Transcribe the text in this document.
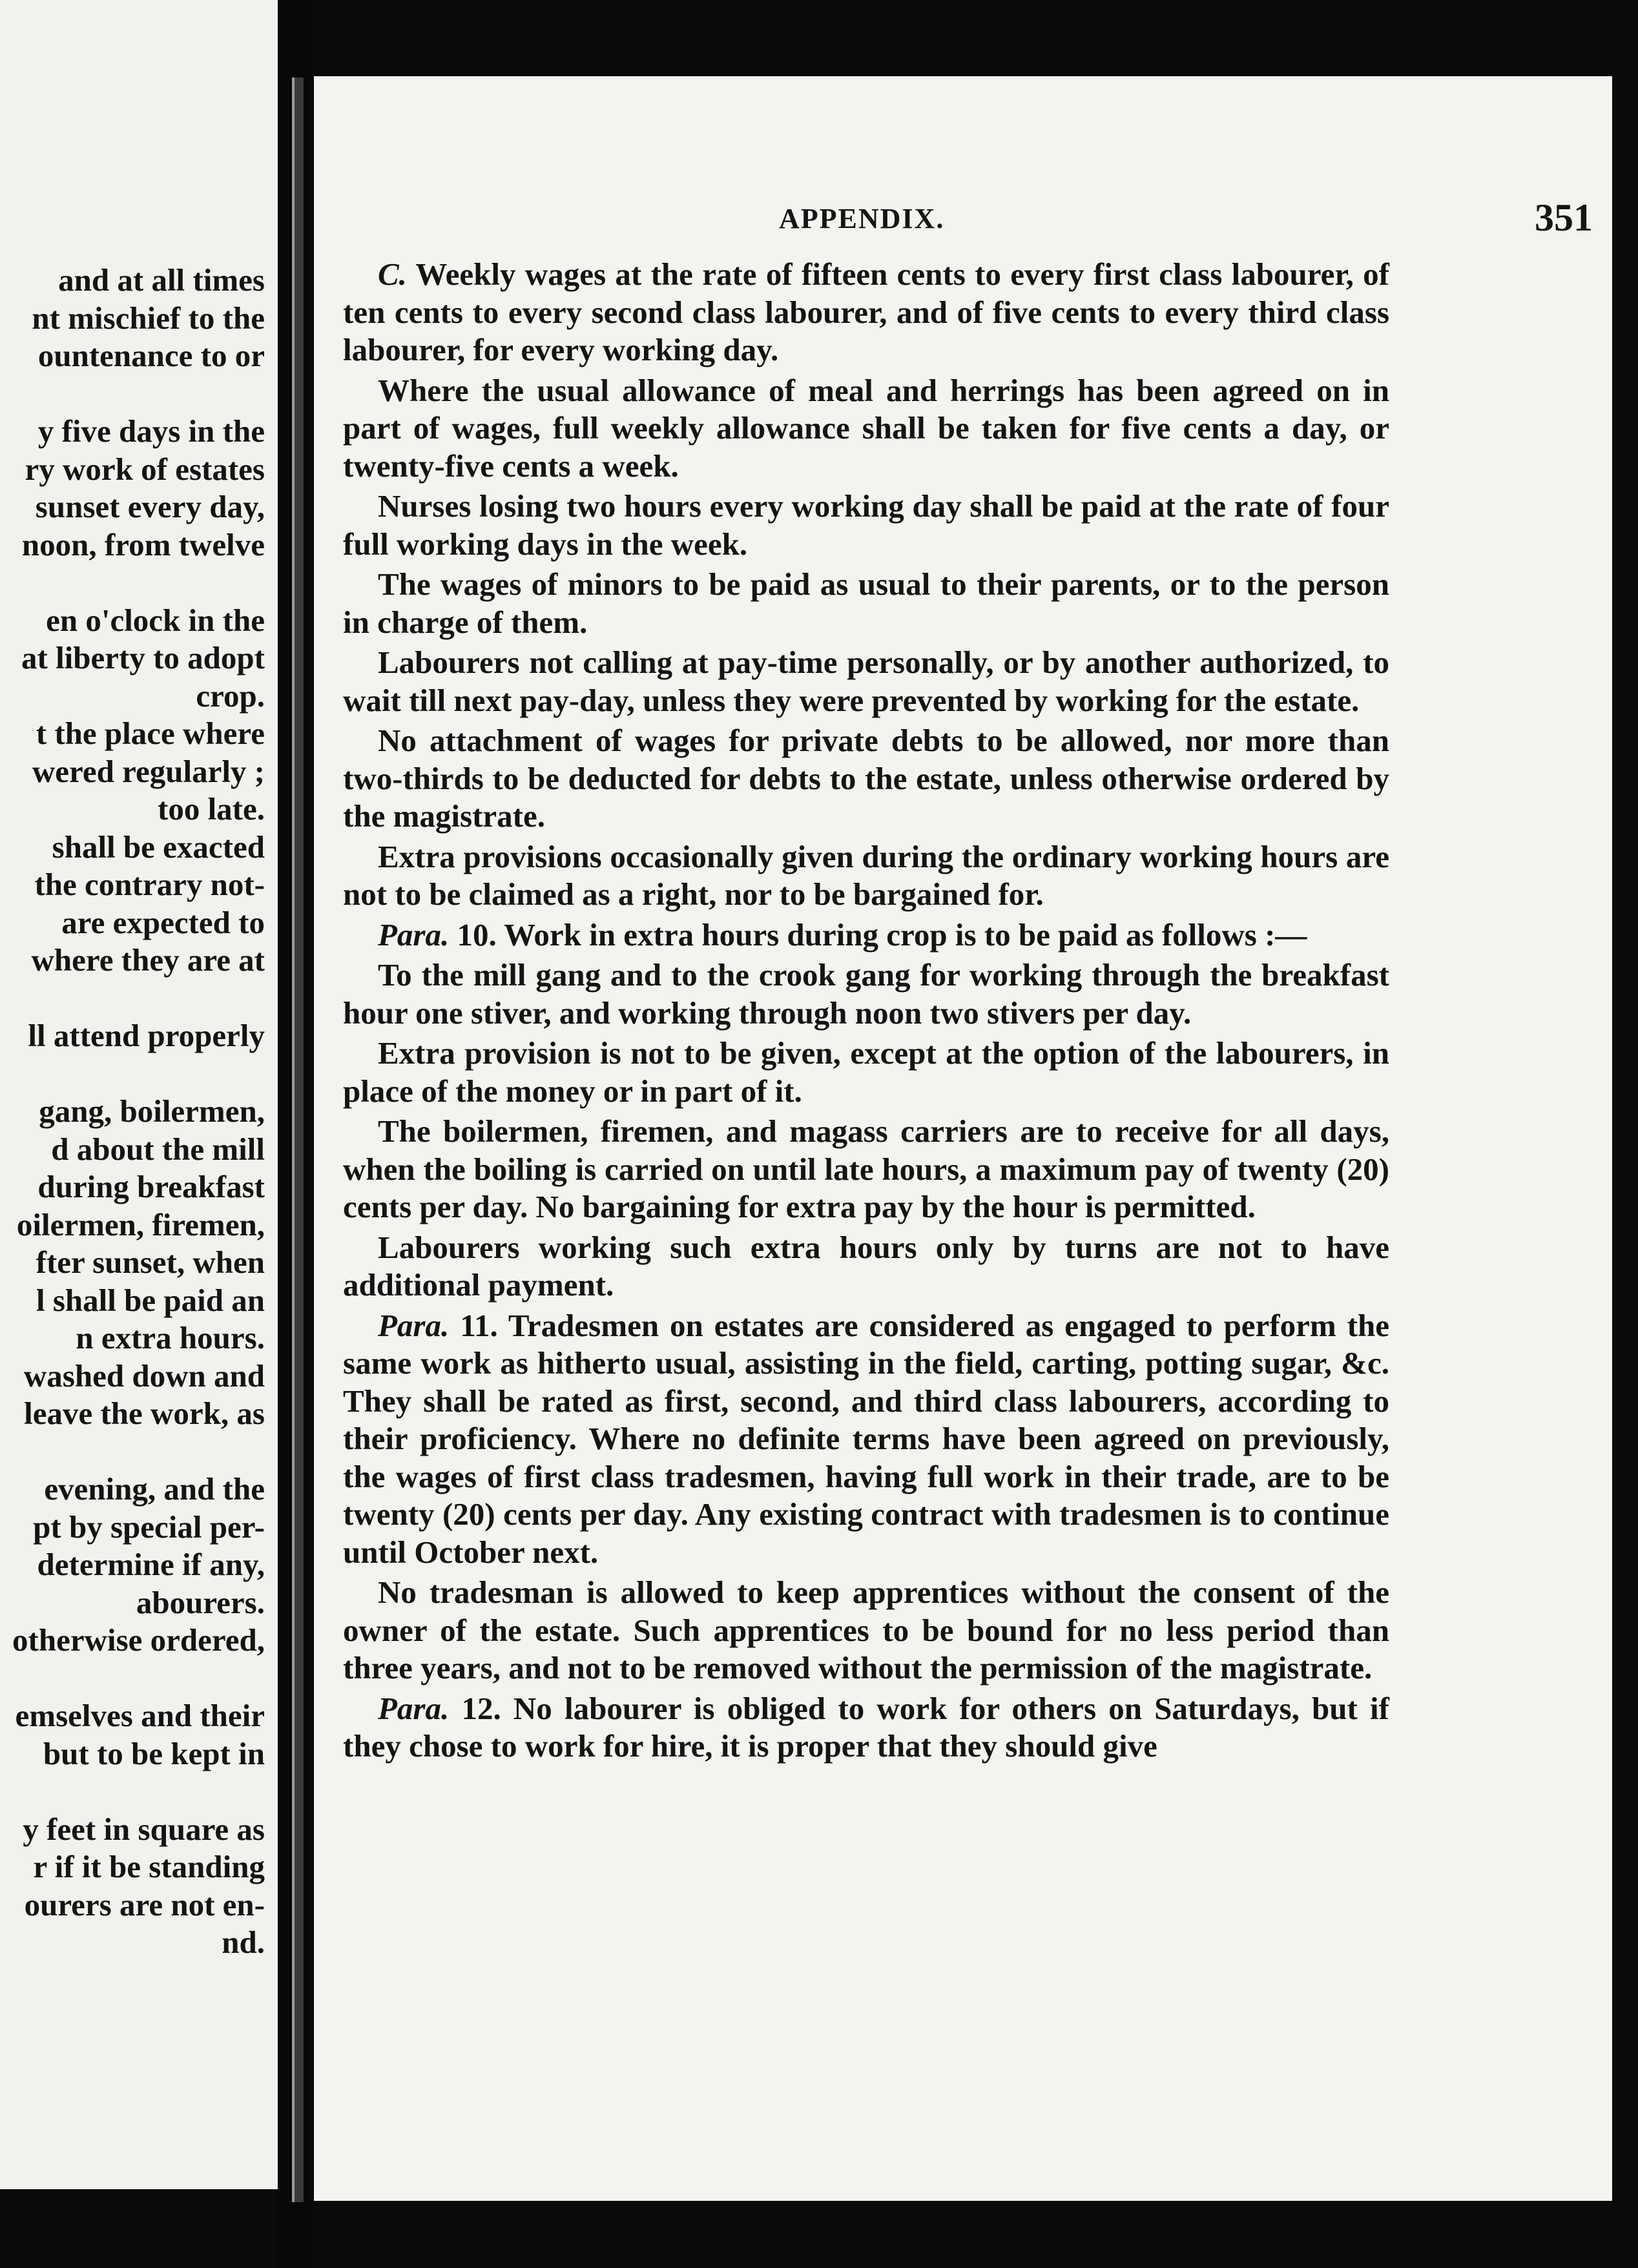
and at all times
nt mischief to the
ountenance to or
y five days in the
ry work of estates
sunset every day,
noon, from twelve
en o'clock in the
at liberty to adopt
crop.
t the place where
wered regularly ;
too late.
shall be exacted
the contrary not-
are expected to
where they are at
ll attend properly
gang, boilermen,
d about the mill
during breakfast
oilermen, firemen,
fter sunset, when
l shall be paid an
n extra hours.
washed down and
leave the work, as
evening, and the
pt by special per-
determine if any,
abourers.
otherwise ordered,
emselves and their
but to be kept in
y feet in square as
r if it be standing
ourers are not en-
nd.
APPENDIX.	351

C. Weekly wages at the rate of fifteen cents to every first class labourer, of ten cents to every second class labourer, and of five cents to every third class labourer, for every working day.

Where the usual allowance of meal and herrings has been agreed on in part of wages, full weekly allowance shall be taken for five cents a day, or twenty-five cents a week.

Nurses losing two hours every working day shall be paid at the rate of four full working days in the week.

The wages of minors to be paid as usual to their parents, or to the person in charge of them.

Labourers not calling at pay-time personally, or by another authorized, to wait till next pay-day, unless they were prevented by working for the estate.

No attachment of wages for private debts to be allowed, nor more than two-thirds to be deducted for debts to the estate, unless otherwise ordered by the magistrate.

Extra provisions occasionally given during the ordinary working hours are not to be claimed as a right, nor to be bargained for.

Para. 10. Work in extra hours during crop is to be paid as follows :—

To the mill gang and to the crook gang for working through the breakfast hour one stiver, and working through noon two stivers per day.

Extra provision is not to be given, except at the option of the labourers, in place of the money or in part of it.

The boilermen, firemen, and magass carriers are to receive for all days, when the boiling is carried on until late hours, a maximum pay of twenty (20) cents per day. No bargaining for extra pay by the hour is permitted.

Labourers working such extra hours only by turns are not to have additional payment.

Para. 11. Tradesmen on estates are considered as engaged to perform the same work as hitherto usual, assisting in the field, carting, potting sugar, &c. They shall be rated as first, second, and third class labourers, according to their proficiency. Where no definite terms have been agreed on previously, the wages of first class tradesmen, having full work in their trade, are to be twenty (20) cents per day. Any existing contract with tradesmen is to continue until October next.

No tradesman is allowed to keep apprentices without the consent of the owner of the estate. Such apprentices to be bound for no less period than three years, and not to be removed without the permission of the magistrate.

Para. 12. No labourer is obliged to work for others on Saturdays, but if they chose to work for hire, it is proper that they should give
